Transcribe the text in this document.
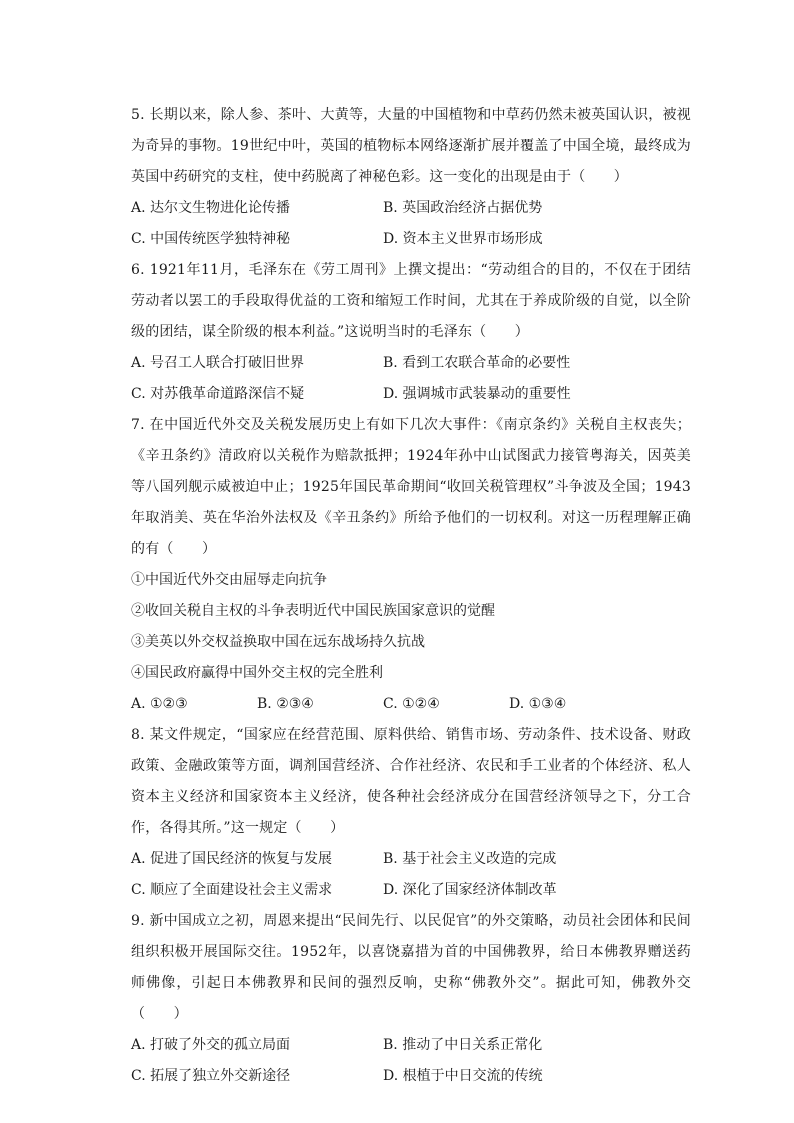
5. 长期以来，除人参、茶叶、大黄等，大量的中国植物和中草药仍然未被英国认识，被视为奇异的事物。19世纪中叶，英国的植物标本网络逐渐扩展并覆盖了中国全境，最终成为英国中药研究的支柱，使中药脱离了神秘色彩。这一变化的出现是由于（　　）

A. 达尔文生物进化论传播	B. 英国政治经济占据优势
C. 中国传统医学独特神秘	D. 资本主义世界市场形成

6. 1921年11月，毛泽东在《劳工周刊》上撰文提出：“劳动组合的目的，不仅在于团结劳动者以罢工的手段取得优益的工资和缩短工作时间，尤其在于养成阶级的自觉，以全阶级的团结，谋全阶级的根本利益。”这说明当时的毛泽东（　　）

A. 号召工人联合打破旧世界	B. 看到工农联合革命的必要性
C. 对苏俄革命道路深信不疑	D. 强调城市武装暴动的重要性

7. 在中国近代外交及关税发展历史上有如下几次大事件：《南京条约》关税自主权丧失；《辛丑条约》清政府以关税作为赔款抵押；1924年孙中山试图武力接管粤海关，因英美等八国列舰示威被迫中止；1925年国民革命期间“收回关税管理权”斗争波及全国；1943年取消美、英在华治外法权及《辛丑条约》所给予他们的一切权利。对这一历程理解正确的有（　　）

①中国近代外交由屈辱走向抗争

②收回关税自主权的斗争表明近代中国民族国家意识的觉醒

③美英以外交权益换取中国在远东战场持久抗战

④国民政府赢得中国外交主权的完全胜利

A. ①②③	B. ②③④	C. ①②④	D. ①③④

8. 某文件规定，“国家应在经营范围、原料供给、销售市场、劳动条件、技术设备、财政政策、金融政策等方面，调剂国营经济、合作社经济、农民和手工业者的个体经济、私人资本主义经济和国家资本主义经济，使各种社会经济成分在国营经济领导之下，分工合作，各得其所。”这一规定（　　）

A. 促进了国民经济的恢复与发展	B. 基于社会主义改造的完成
C. 顺应了全面建设社会主义需求	D. 深化了国家经济体制改革

9. 新中国成立之初，周恩来提出“民间先行、以民促官”的外交策略，动员社会团体和民间组织积极开展国际交往。1952年，以喜饶嘉措为首的中国佛教界，给日本佛教界赠送药师佛像，引起日本佛教界和民间的强烈反响，史称“佛教外交”。据此可知，佛教外交（　　）

A. 打破了外交的孤立局面	B. 推动了中日关系正常化
C. 拓展了独立外交新途径	D. 根植于中日交流的传统
